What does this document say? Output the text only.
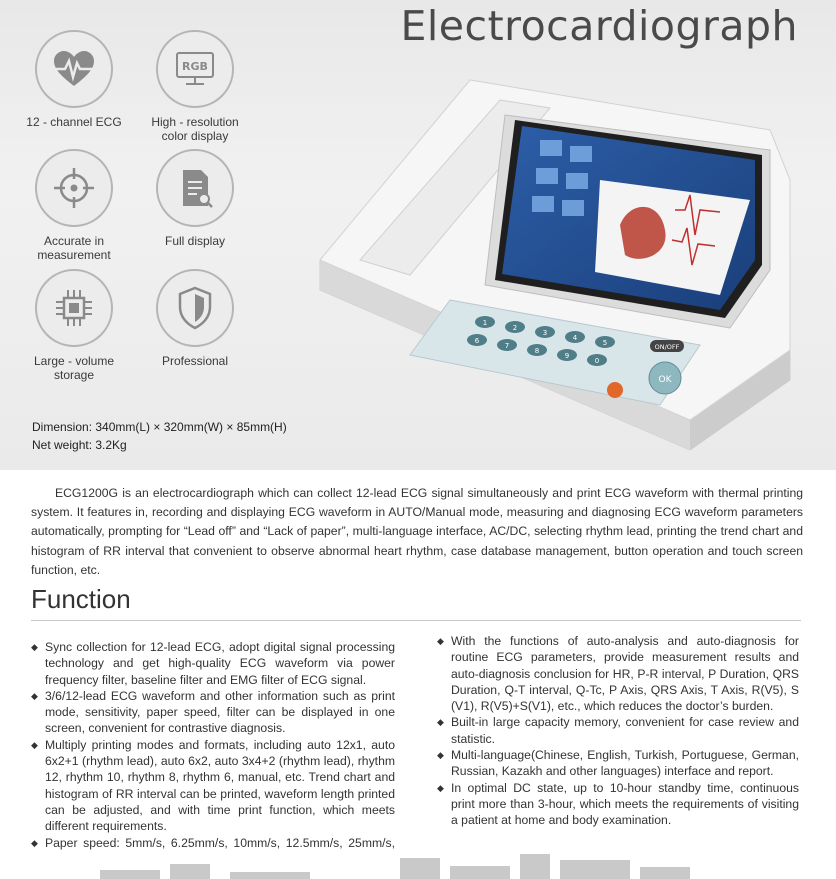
Electrocardiograph
12 - channel ECG
RGB
High - resolution color display
Accurate in measurement
Full display
Large - volume storage
Professional
Dimension: 340mm(L) × 320mm(W) × 85mm(H)
Net weight: 3.2Kg
1
2
3
4
5
6
7
8
9
0
OK
ON/OFF
ECG1200G is an electrocardiograph which can collect 12-lead ECG signal simultaneously and print ECG waveform with thermal printing system. It features in, recording and displaying ECG waveform in AUTO/Manual mode, measuring and diagnosing ECG waveform parameters automatically, prompting for “Lead off” and “Lack of paper”, multi-language interface, AC/DC, selecting rhythm lead, printing the trend chart and histogram of RR interval that convenient to observe abnormal heart rhythm, case database management, button operation and touch screen function, etc.
Function
◆ Sync collection for 12-lead ECG, adopt digital signal processing technology and get high-quality ECG waveform via power frequency filter, baseline filter and EMG filter of ECG signal.
◆ 3/6/12-lead ECG waveform and other information such as print mode, sensitivity, paper speed, filter can be displayed in one screen, convenient for contrastive diagnosis.
◆ Multiply printing modes and formats, including auto 12x1, auto 6x2+1 (rhythm lead), auto 6x2, auto 3x4+2 (rhythm lead), rhythm 12, rhythm 10, rhythm 8, rhythm 6, manual, etc. Trend chart and histogram of RR interval can be printed, waveform length printed can be adjusted, and with time print function, which meets different requirements.
◆ Paper speed: 5mm/s, 6.25mm/s, 10mm/s, 12.5mm/s, 25mm/s,
◆ With the functions of auto-analysis and auto-diagnosis for routine ECG parameters, provide measurement results and auto-diagnosis conclusion for HR, P-R interval, P Duration, QRS Duration, Q-T interval, Q-Tc, P Axis, QRS Axis, T Axis, R(V5), S (V1), R(V5)+S(V1), etc., which reduces the doctor’s burden.
◆ Built-in large capacity memory, convenient for case review and statistic.
◆ Multi-language(Chinese, English, Turkish, Portuguese, German, Russian, Kazakh and other languages) interface and report.
◆ In optimal DC state, up to 10-hour standby time, continuous print more than 3-hour, which meets the requirements of visiting a patient at home and body examination.
